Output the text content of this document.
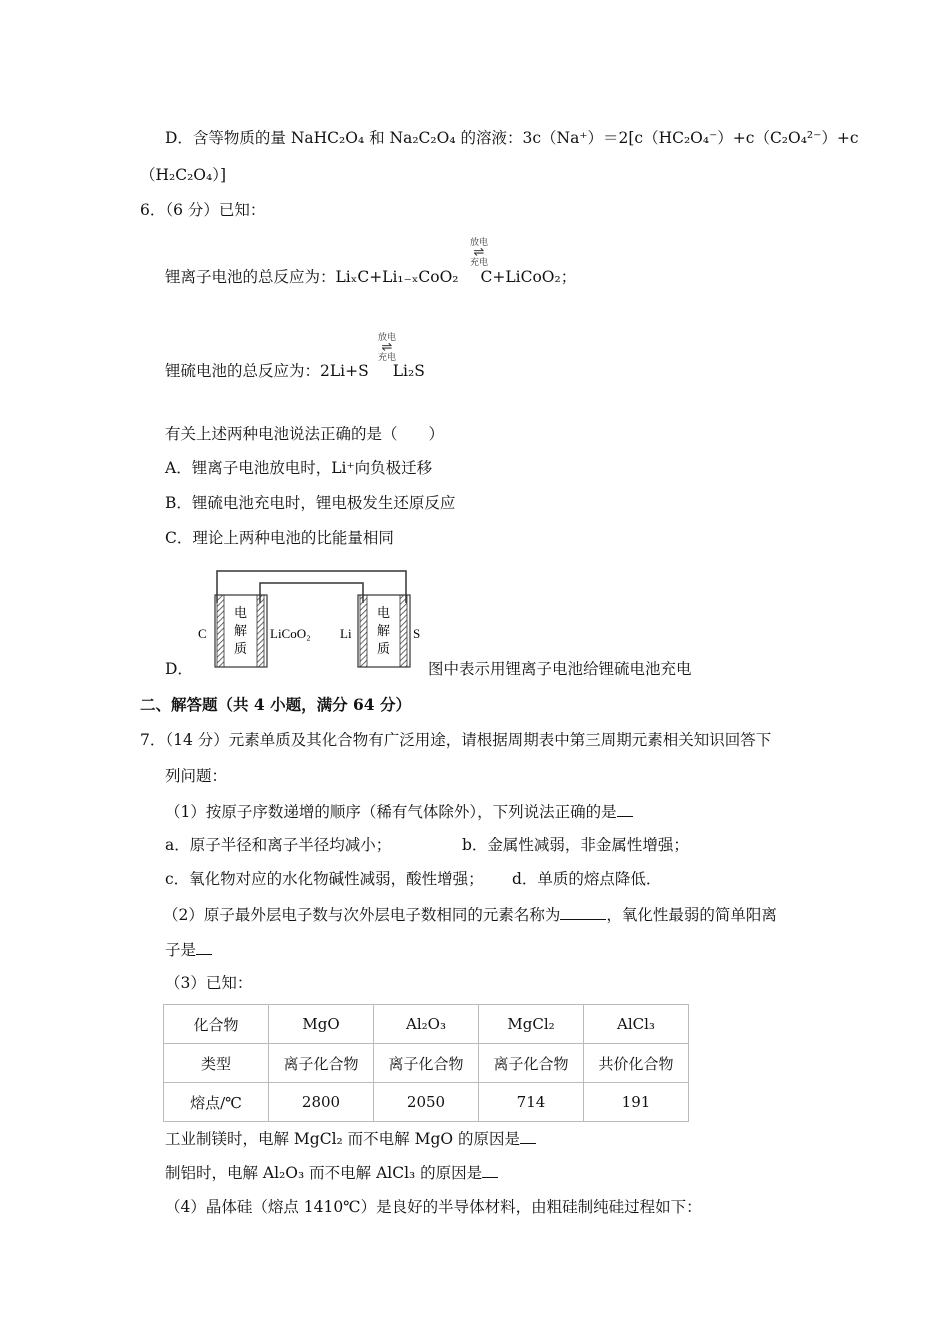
D．含等物质的量 NaHC₂O₄ 和 Na₂C₂O₄ 的溶液：3c（Na⁺）＝2[c（HC₂O₄⁻）+c（C₂O₄²⁻）+c
（H₂C₂O₄）]
6．（6 分）已知：
放电
⇌
充电
锂离子电池的总反应为：LiₓC+Li₁₋ₓCoO₂ C+LiCoO₂；
放电
⇌
充电
锂硫电池的总反应为：2Li+S Li₂S
有关上述两种电池说法正确的是（　　）
A．锂离子电池放电时，Li⁺向负极迁移
B．锂硫电池充电时，锂电极发生还原反应
C．理论上两种电池的比能量相同
C	LiCoO₂ Li	S
电
解
质
电
解
质
D．	图中表示用锂离子电池给锂硫电池充电
二、解答题（共 4 小题，满分 64 分）
7．（14 分）元素单质及其化合物有广泛用途，请根据周期表中第三周期元素相关知识回答下
列问题：
（1）按原子序数递增的顺序（稀有气体除外），下列说法正确的是
a．原子半径和离子半径均减小；	b．金属性减弱，非金属性增强；
c．氧化物对应的水化物碱性减弱，酸性增强； d．单质的熔点降低．
（2）原子最外层电子数与次外层电子数相同的元素名称为	，氧化性最弱的简单阳离
子是
（3）已知：
化合物	MgO	Al₂O₃	MgCl₂	AlCl₃
类型	离子化合物	离子化合物	离子化合物	共价化合物
熔点/℃	2800	2050	714	191
工业制镁时，电解 MgCl₂ 而不电解 MgO 的原因是
制铝时，电解 Al₂O₃ 而不电解 AlCl₃ 的原因是
（4）晶体硅（熔点 1410℃）是良好的半导体材料，由粗硅制纯硅过程如下：
